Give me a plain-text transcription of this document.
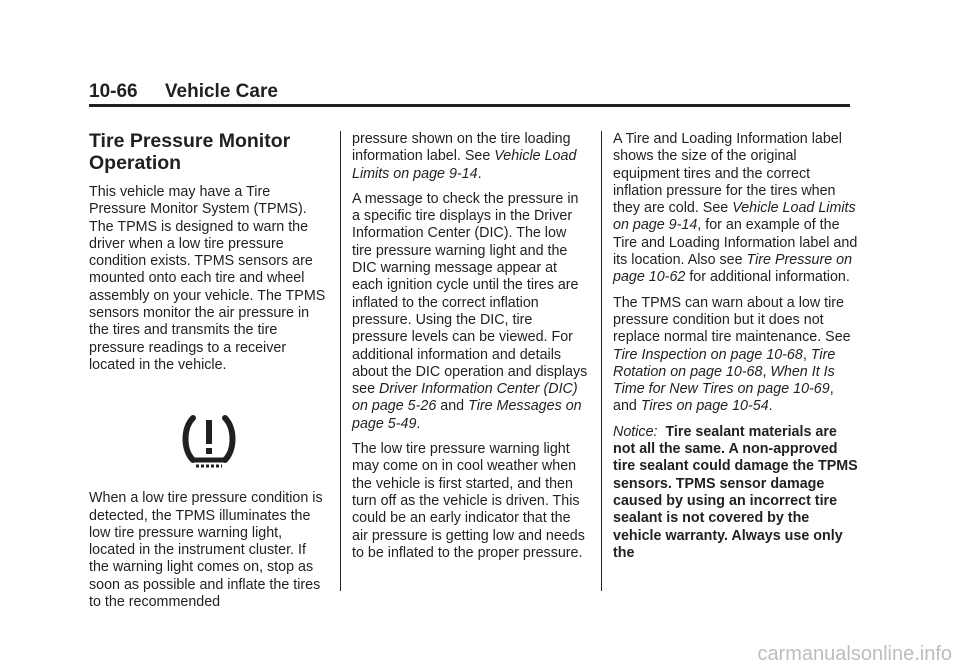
10-66 Vehicle Care
Tire Pressure Monitor Operation

This vehicle may have a Tire Pressure Monitor System (TPMS). The TPMS is designed to warn the driver when a low tire pressure condition exists. TPMS sensors are mounted onto each tire and wheel assembly on your vehicle. The TPMS sensors monitor the air pressure in the tires and transmits the tire pressure readings to a receiver located in the vehicle.

When a low tire pressure condition is detected, the TPMS illuminates the low tire pressure warning light, located in the instrument cluster. If the warning light comes on, stop as soon as possible and inflate the tires to the recommended

pressure shown on the tire loading information label. See Vehicle Load Limits on page 9-14.

A message to check the pressure in a specific tire displays in the Driver Information Center (DIC). The low tire pressure warning light and the DIC warning message appear at each ignition cycle until the tires are inflated to the correct inflation pressure. Using the DIC, tire pressure levels can be viewed. For additional information and details about the DIC operation and displays see Driver Information Center (DIC) on page 5-26 and Tire Messages on page 5-49.

The low tire pressure warning light may come on in cool weather when the vehicle is first started, and then turn off as the vehicle is driven. This could be an early indicator that the air pressure is getting low and needs to be inflated to the proper pressure.

A Tire and Loading Information label shows the size of the original equipment tires and the correct inflation pressure for the tires when they are cold. See Vehicle Load Limits on page 9-14, for an example of the Tire and Loading Information label and its location. Also see Tire Pressure on page 10-62 for additional information.

The TPMS can warn about a low tire pressure condition but it does not replace normal tire maintenance. See Tire Inspection on page 10-68, Tire Rotation on page 10-68, When It Is Time for New Tires on page 10-69, and Tires on page 10-54.

Notice: Tire sealant materials are not all the same. A non-approved tire sealant could damage the TPMS sensors. TPMS sensor damage caused by using an incorrect tire sealant is not covered by the vehicle warranty. Always use only the

carmanualsonline.info
